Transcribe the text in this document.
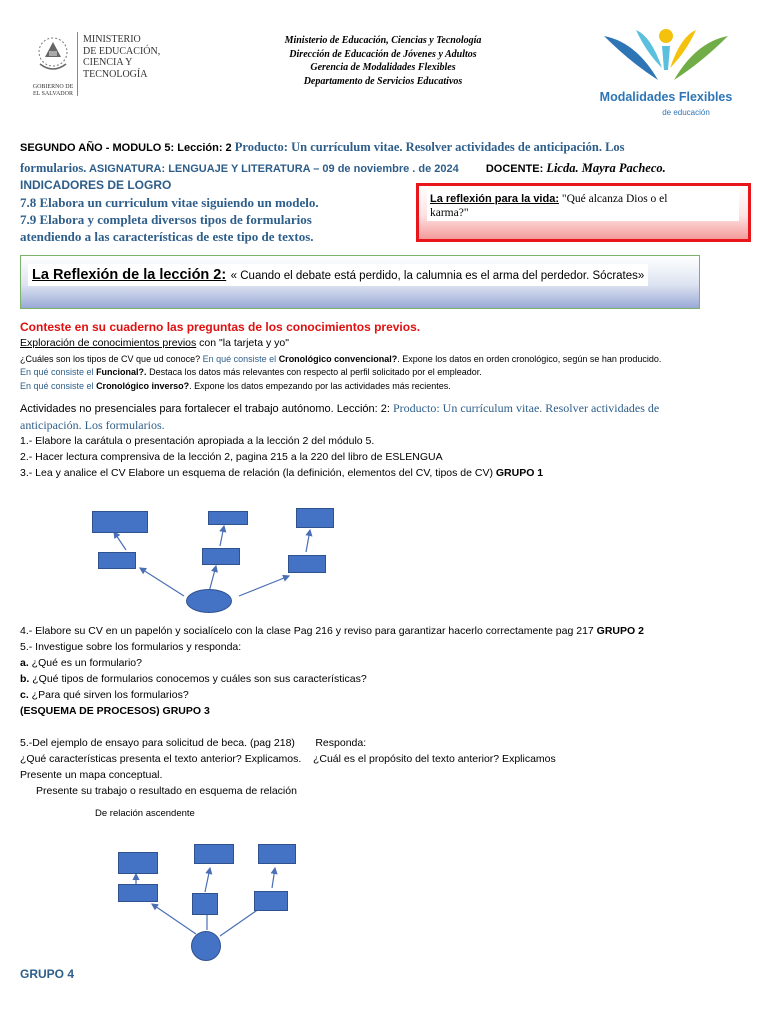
GOBIERNO DE
EL SALVADOR
MINISTERIO
DE EDUCACIÓN,
CIENCIA Y
TECNOLOGÍA
Ministerio de Educación, Ciencias y Tecnología
Dirección de Educación de Jóvenes y Adultos
Gerencia de Modalidades Flexibles
Departamento de Servicios Educativos
Modalidades Flexibles
de educación
SEGUNDO AÑO - MODULO 5: Lección: 2 Producto: Un currículum vitae. Resolver actividades de anticipación. Los
formularios. ASIGNATURA: LENGUAJE Y LITERATURA – 09 de noviembre . de 2024 DOCENTE: Licda. Mayra Pacheco.
INDICADORES DE LOGRO
7.8 Elabora un curriculum vitae siguiendo un modelo.
7.9 Elabora y completa diversos tipos de formularios
atendiendo a las características de este tipo de textos.
La reflexión para la vida: "Qué alcanza Dios o el
karma?"
La Reflexión de la lección 2: « Cuando el debate está perdido, la calumnia es el arma del perdedor. Sócrates»
Conteste en su cuaderno las preguntas de los conocimientos previos.
Exploración de conocimientos previos con "la tarjeta y yo"
¿Cuáles son los tipos de CV que ud conoce? En qué consiste el Cronológico convencional?. Expone los datos en orden cronológico, según se han producido.
En qué consiste el Funcional?. Destaca los datos más relevantes con respecto al perfil solicitado por el empleador.
En qué consiste el Cronológico inverso?. Expone los datos empezando por las actividades más recientes.
Actividades no presenciales para fortalecer el trabajo autónomo. Lección: 2: Producto: Un currículum vitae. Resolver actividades de
anticipación. Los formularios.
1.- Elabore la carátula o presentación apropiada a la lección 2 del módulo 5.
2.- Hacer lectura comprensiva de la lección 2, pagina 215 a la 220 del libro de ESLENGUA
3.- Lea y analice el CV Elabore un esquema de relación (la definición, elementos del CV, tipos de CV) GRUPO 1
4.- Elabore su CV en un papelón y socialícelo con la clase Pag 216 y reviso para garantizar hacerlo correctamente pag 217 GRUPO 2
5.- Investigue sobre los formularios y responda:
a. ¿Qué es un formulario?
b. ¿Qué tipos de formularios conocemos y cuáles son sus características?
c. ¿Para qué sirven los formularios?
(ESQUEMA DE PROCESOS) GRUPO 3
5.-Del ejemplo de ensayo para solicitud de beca. (pag 218)       Responda:
¿Qué características presenta el texto anterior? Explicamos.    ¿Cuál es el propósito del texto anterior? Explicamos
Presente un mapa conceptual.
Presente su trabajo o resultado en esquema de relación
De relación ascendente
GRUPO 4
